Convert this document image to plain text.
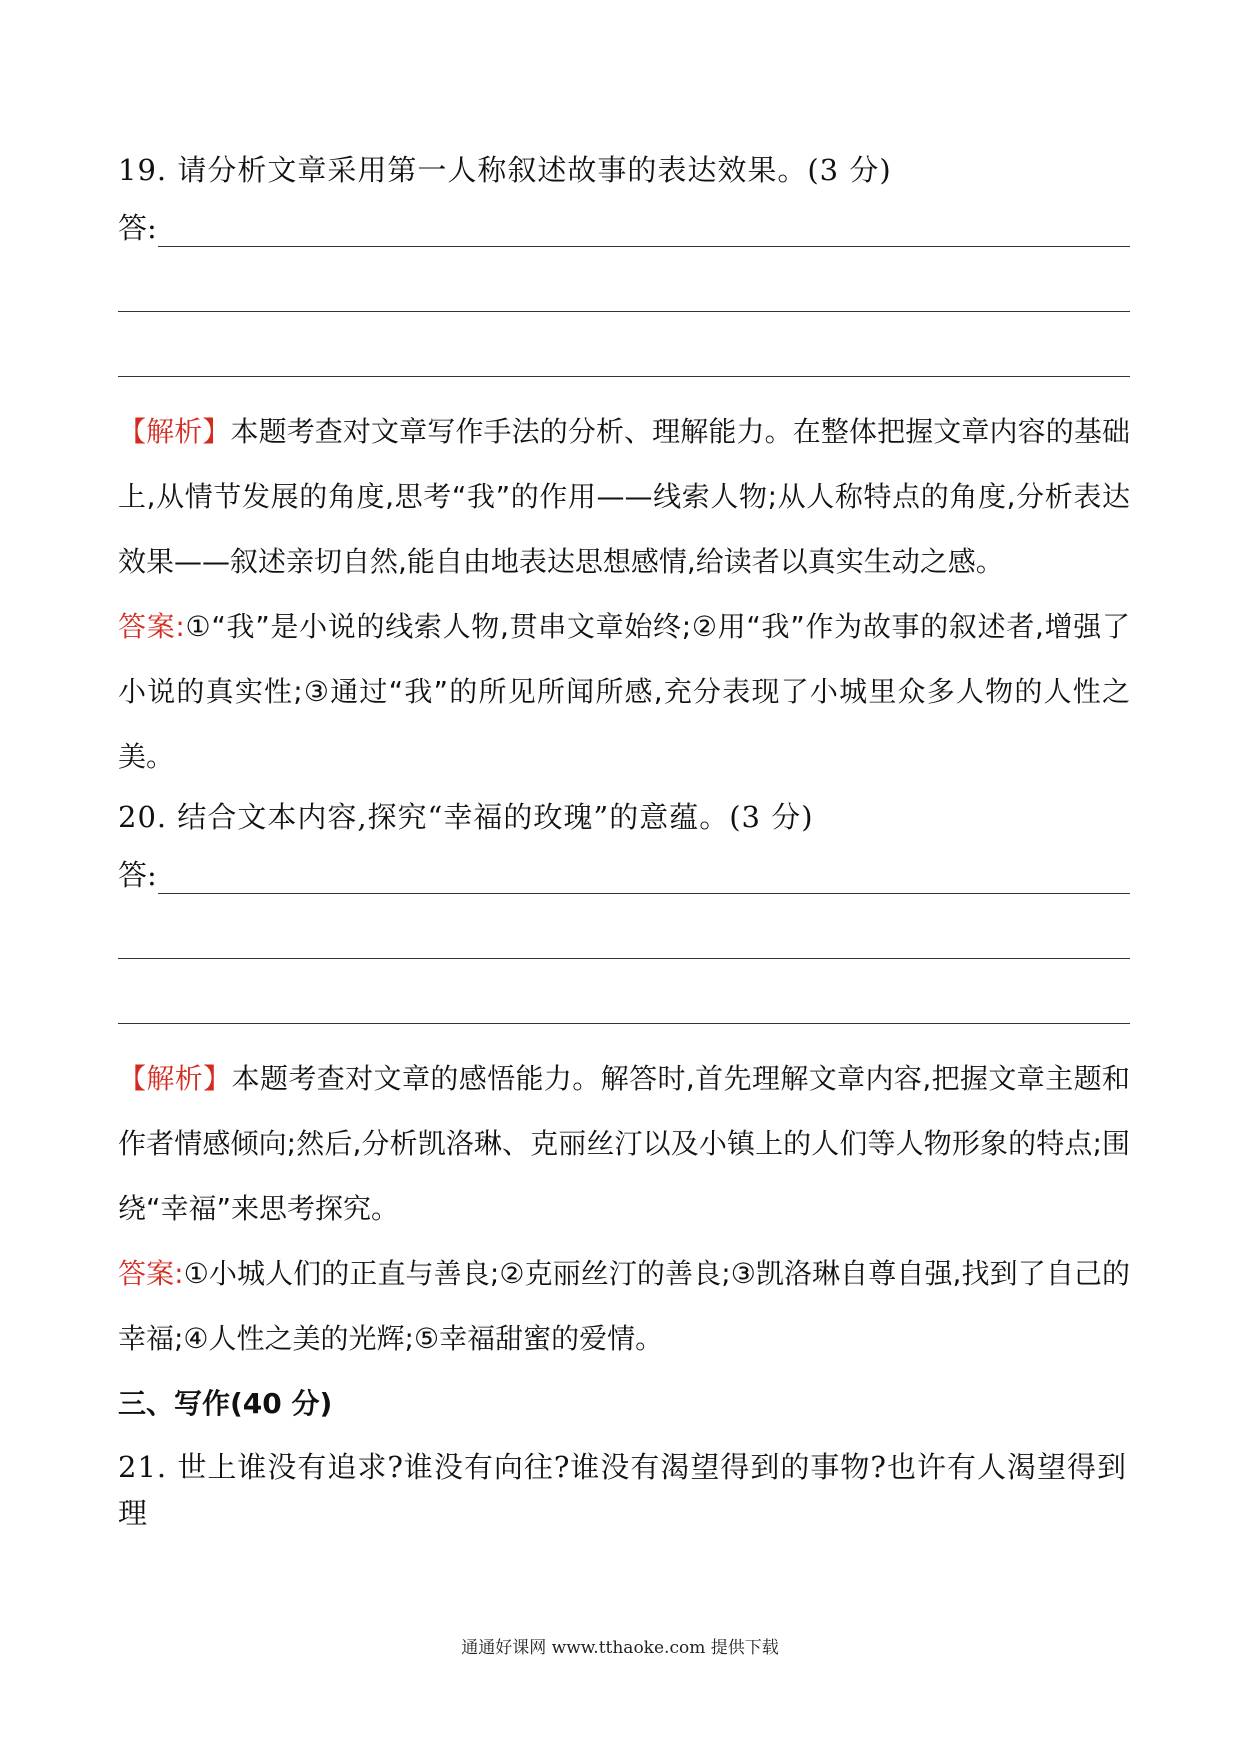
19. 请分析文章采用第一人称叙述故事的表达效果。(3 分)

答:

【解析】本题考查对文章写作手法的分析、理解能力。在整体把握文章内容的基础上,从情节发展的角度,思考“我”的作用——线索人物;从人称特点的角度,分析表达效果——叙述亲切自然,能自由地表达思想感情,给读者以真实生动之感。

答案:①“我”是小说的线索人物,贯串文章始终;②用“我”作为故事的叙述者,增强了小说的真实性;③通过“我”的所见所闻所感,充分表现了小城里众多人物的人性之美。

20. 结合文本内容,探究“幸福的玫瑰”的意蕴。(3 分)

答:

【解析】本题考查对文章的感悟能力。解答时,首先理解文章内容,把握文章主题和作者情感倾向;然后,分析凯洛琳、克丽丝汀以及小镇上的人们等人物形象的特点;围绕“幸福”来思考探究。

答案:①小城人们的正直与善良;②克丽丝汀的善良;③凯洛琳自尊自强,找到了自己的幸福;④人性之美的光辉;⑤幸福甜蜜的爱情。

三、写作(40 分)

21. 世上谁没有追求?谁没有向往?谁没有渴望得到的事物?也许有人渴望得到理

通通好课网 www.tthaoke.com 提供下载
